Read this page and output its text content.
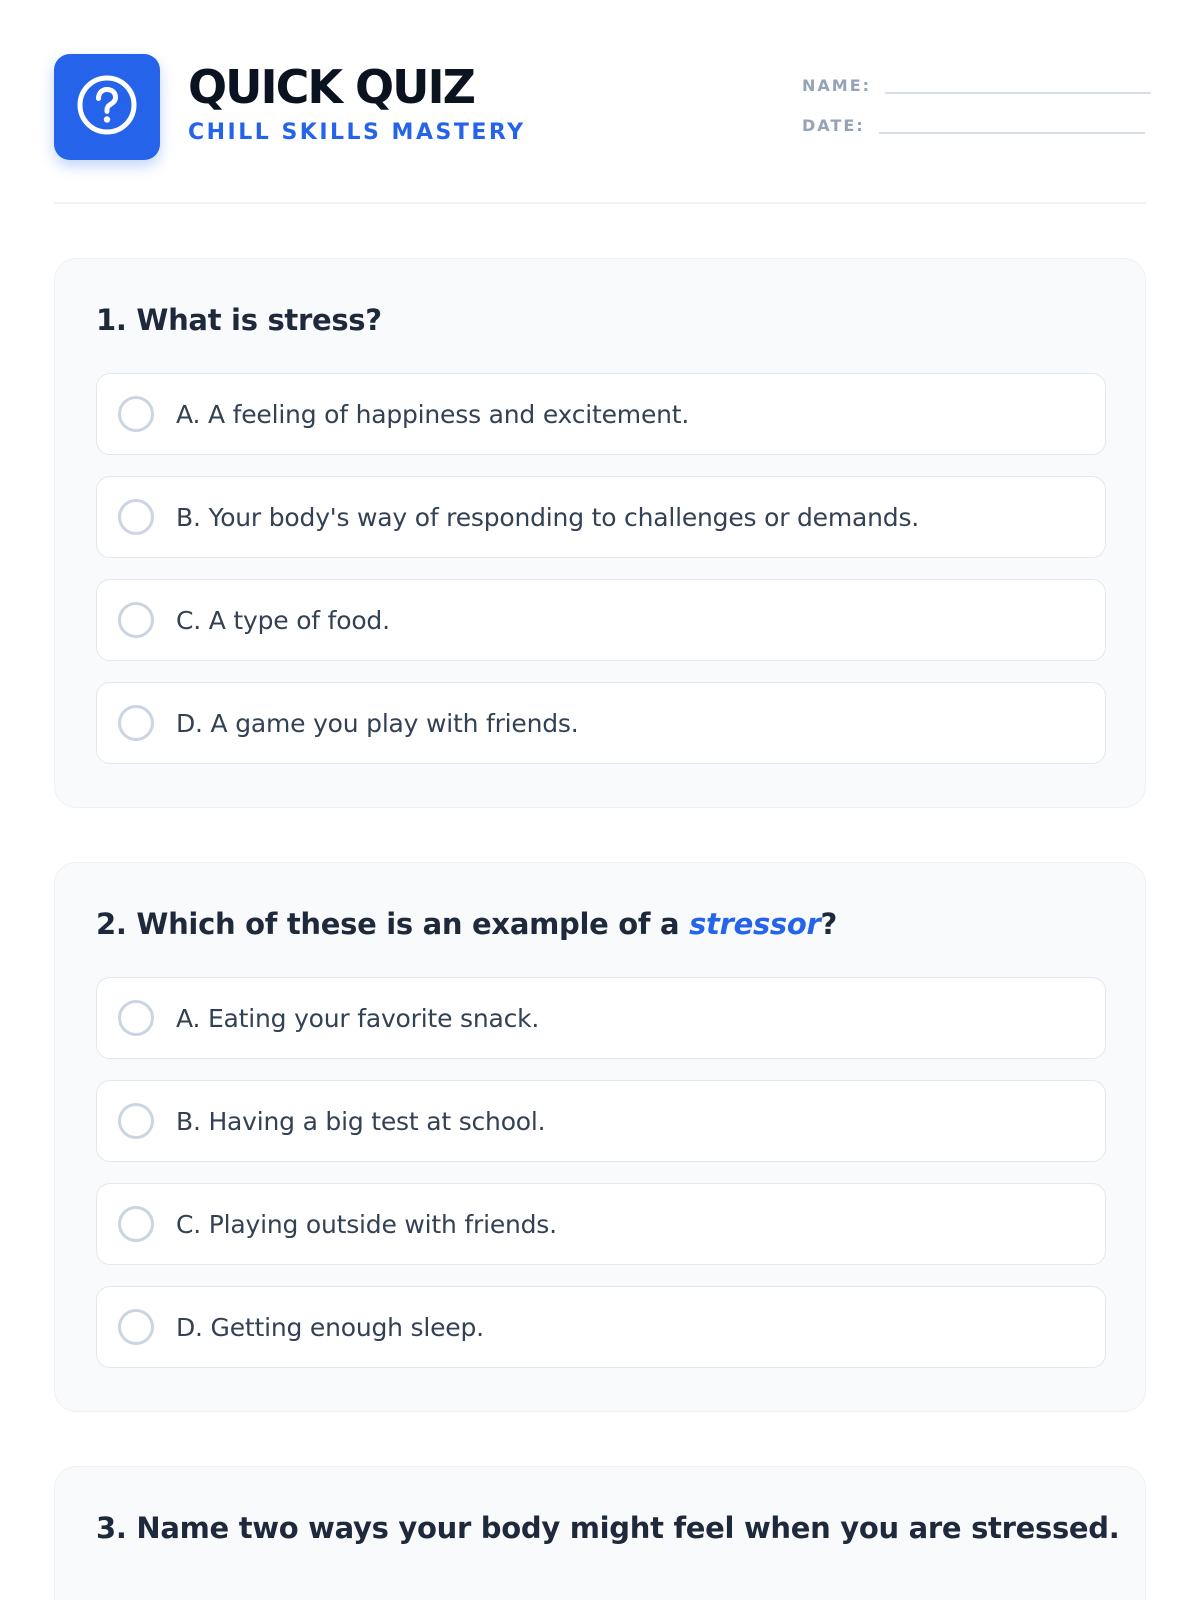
QUICK QUIZ
CHILL SKILLS MASTERY
NAME:
DATE:
1. What is stress?
A. A feeling of happiness and excitement.
B. Your body's way of responding to challenges or demands.
C. A type of food.
D. A game you play with friends.
2. Which of these is an example of a stressor?
A. Eating your favorite snack.
B. Having a big test at school.
C. Playing outside with friends.
D. Getting enough sleep.
3. Name two ways your body might feel when you are stressed.
